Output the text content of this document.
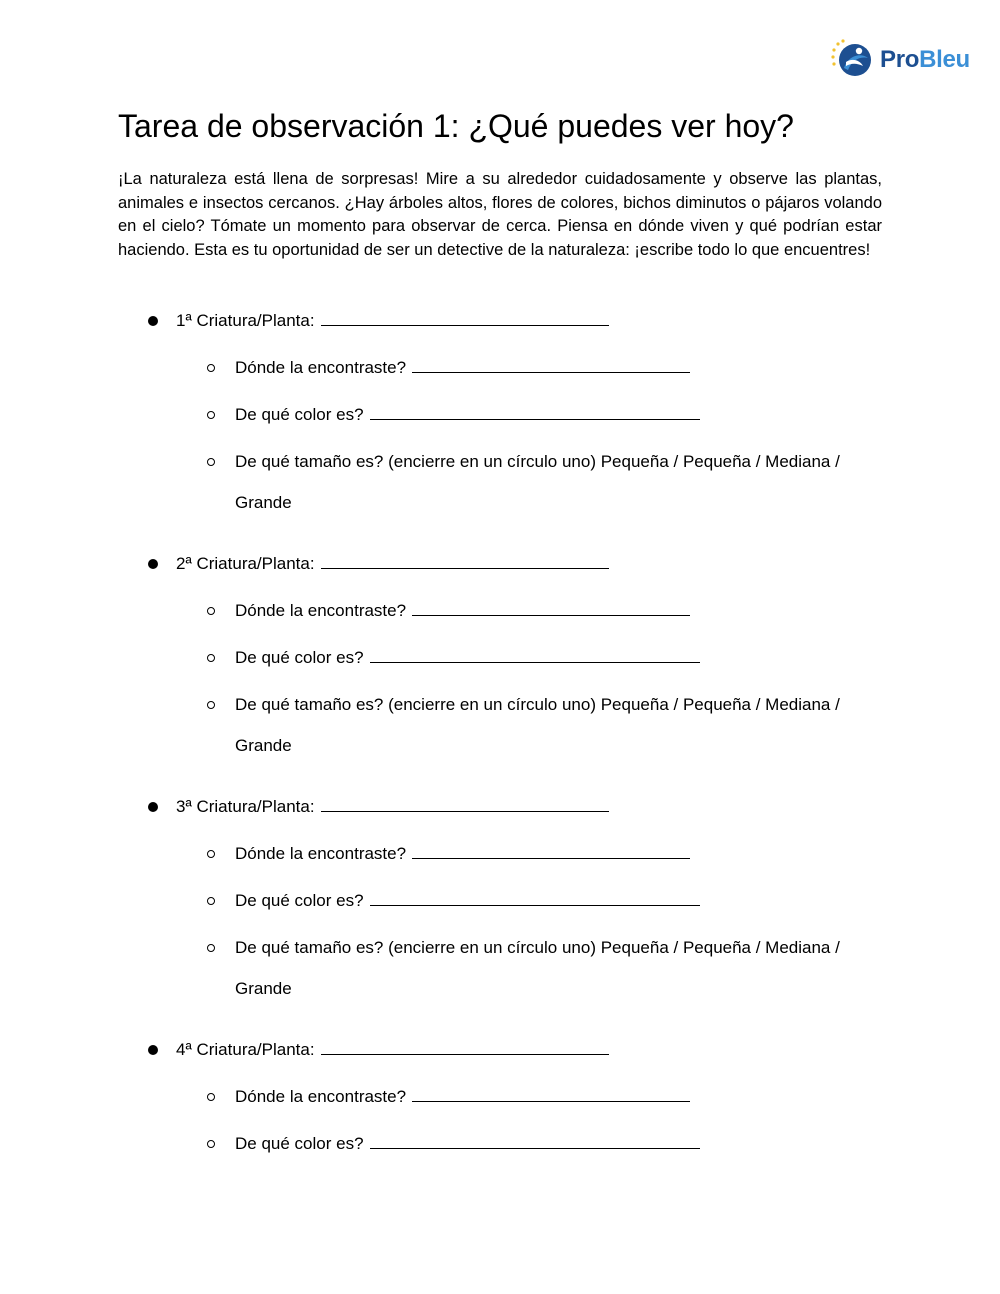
ProBleu
Tarea de observación 1: ¿Qué puedes ver hoy?

¡La naturaleza está llena de sorpresas! Mire a su alrededor cuidadosamente y observe las plantas, animales e insectos cercanos. ¿Hay árboles altos, flores de colores, bichos diminutos o pájaros volando en el cielo? Tómate un momento para observar de cerca. Piensa en dónde viven y qué podrían estar haciendo. Esta es tu oportunidad de ser un detective de la naturaleza: ¡escribe todo lo que encuentres!

1ª Criatura/Planta:
Dónde la encontraste?
De qué color es?
De qué tamaño es? (encierre en un círculo uno) Pequeña / Pequeña / Mediana /
Grande
2ª Criatura/Planta:
Dónde la encontraste?
De qué color es?
De qué tamaño es? (encierre en un círculo uno) Pequeña / Pequeña / Mediana /
Grande
3ª Criatura/Planta:
Dónde la encontraste?
De qué color es?
De qué tamaño es? (encierre en un círculo uno) Pequeña / Pequeña / Mediana /
Grande
4ª Criatura/Planta:
Dónde la encontraste?
De qué color es?
